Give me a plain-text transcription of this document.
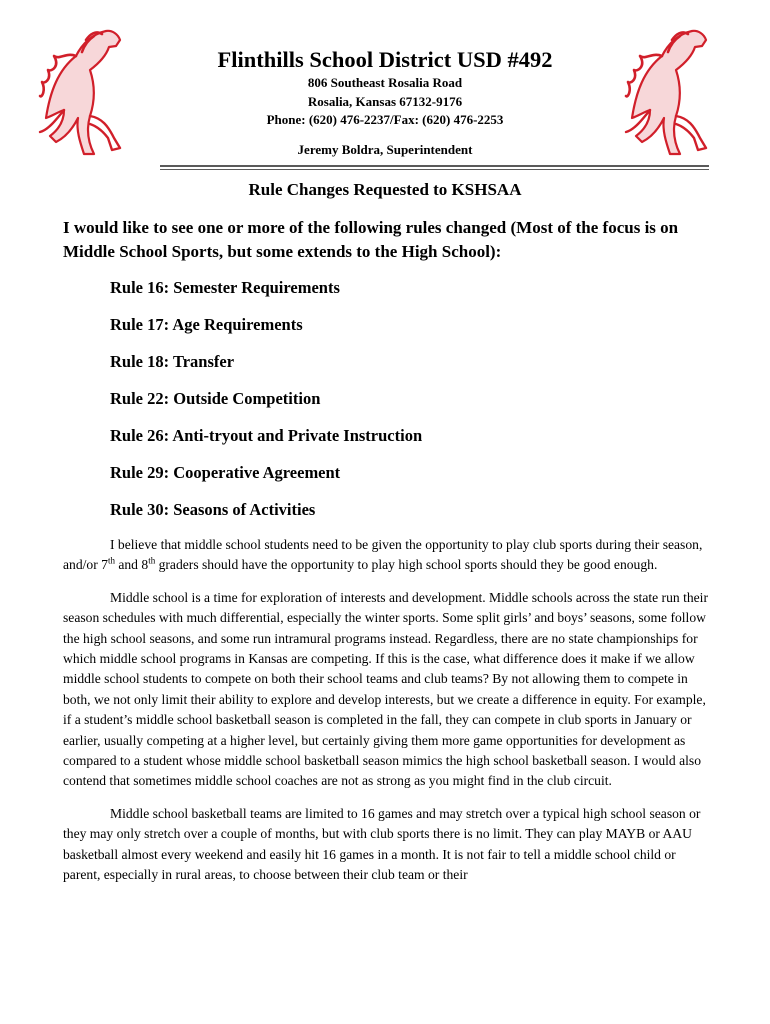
Flinthills School District USD #492
806 Southeast Rosalia Road
Rosalia, Kansas 67132-9176
Phone: (620) 476-2237/Fax: (620) 476-2253
Jeremy Boldra, Superintendent
Rule Changes Requested to KSHSAA
I would like to see one or more of the following rules changed (Most of the focus is on Middle School Sports, but some extends to the High School):
Rule 16: Semester Requirements
Rule 17: Age Requirements
Rule 18: Transfer
Rule 22: Outside Competition
Rule 26: Anti-tryout and Private Instruction
Rule 29: Cooperative Agreement
Rule 30: Seasons of Activities

I believe that middle school students need to be given the opportunity to play club sports during their season, and/or 7th and 8th graders should have the opportunity to play high school sports should they be good enough.

Middle school is a time for exploration of interests and development. Middle schools across the state run their season schedules with much differential, especially the winter sports. Some split girls’ and boys’ seasons, some follow the high school seasons, and some run intramural programs instead. Regardless, there are no state championships for which middle school programs in Kansas are competing. If this is the case, what difference does it make if we allow middle school students to compete on both their school teams and club teams? By not allowing them to compete in both, we not only limit their ability to explore and develop interests, but we create a difference in equity. For example, if a student’s middle school basketball season is completed in the fall, they can compete in club sports in January or earlier, usually competing at a higher level, but certainly giving them more game opportunities for development as compared to a student whose middle school basketball season mimics the high school basketball season. I would also contend that sometimes middle school coaches are not as strong as you might find in the club circuit.

Middle school basketball teams are limited to 16 games and may stretch over a typical high school season or they may only stretch over a couple of months, but with club sports there is no limit. They can play MAYB or AAU basketball almost every weekend and easily hit 16 games in a month. It is not fair to tell a middle school child or parent, especially in rural areas, to choose between their club team or their
